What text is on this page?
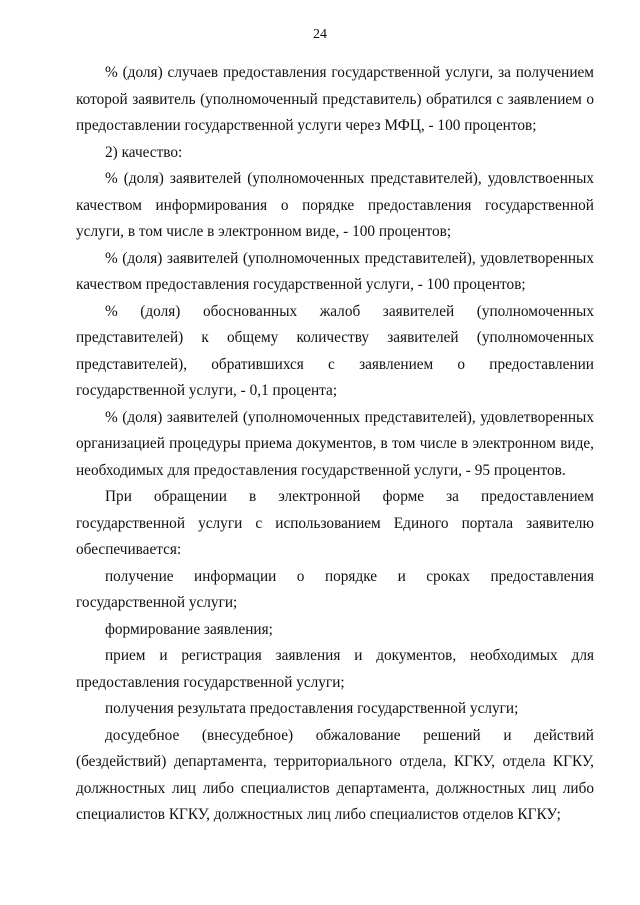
24

% (доля) случаев предоставления государственной услуги, за получением которой заявитель (уполномоченный представитель) обратился с заявлением о предоставлении государственной услуги через МФЦ, - 100 процентов;

2) качество:

% (доля) заявителей (уполномоченных представителей), удовлствоенных качеством информирования о порядке предоставления государственной услуги, в том числе в электронном виде, - 100 процентов;

% (доля) заявителей (уполномоченных представителей), удовлетворенных качеством предоставления государственной услуги, - 100 процентов;

% (доля) обоснованных жалоб заявителей (уполномоченных представителей) к общему количеству заявителей (уполномоченных представителей), обратившихся с заявлением о предоставлении государственной услуги, - 0,1 процента;

% (доля) заявителей (уполномоченных представителей), удовлетворенных организацией процедуры приема документов, в том числе в электронном виде, необходимых для предоставления государственной услуги, - 95 процентов.

При обращении в электронной форме за предоставлением государственной услуги с использованием Единого портала заявителю обеспечивается:

получение информации о порядке и сроках предоставления государственной услуги;

формирование заявления;

прием и регистрация заявления и документов, необходимых для предоставления государственной услуги;

получения результата предоставления государственной услуги;

досудебное (внесудебное) обжалование решений и действий (бездействий) департамента, территориального отдела, КГКУ, отдела КГКУ, должностных лиц либо специалистов департамента, должностных лиц либо специалистов КГКУ, должностных лиц либо специалистов отделов КГКУ;
